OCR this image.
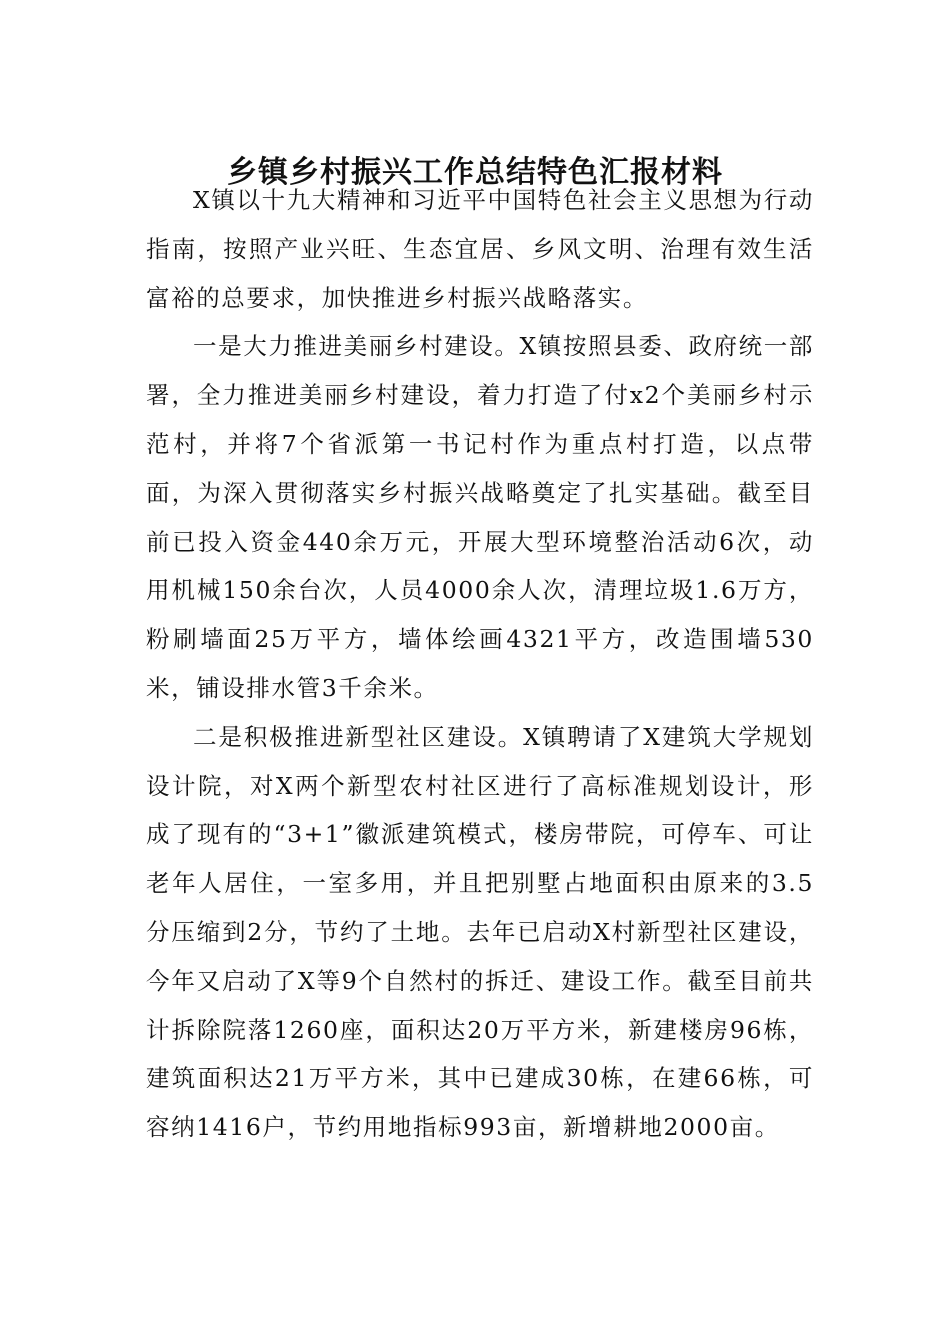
乡镇乡村振兴工作总结特色汇报材料

X镇以十九大精神和习近平中国特色社会主义思想为行动指南，按照产业兴旺、生态宜居、乡风文明、治理有效生活富裕的总要求，加快推进乡村振兴战略落实。

一是大力推进美丽乡村建设。X镇按照县委、政府统一部署，全力推进美丽乡村建设，着力打造了付x2个美丽乡村示范村，并将7个省派第一书记村作为重点村打造，以点带面，为深入贯彻落实乡村振兴战略奠定了扎实基础。截至目前已投入资金440余万元，开展大型环境整治活动6次，动用机械150余台次，人员4000余人次，清理垃圾1.6万方，粉刷墙面25万平方，墙体绘画4321平方，改造围墙530米，铺设排水管3千余米。

二是积极推进新型社区建设。X镇聘请了X建筑大学规划设计院，对X两个新型农村社区进行了高标准规划设计，形成了现有的“3+1”徽派建筑模式，楼房带院，可停车、可让老年人居住，一室多用，并且把别墅占地面积由原来的3.5分压缩到2分，节约了土地。去年已启动X村新型社区建设，今年又启动了X等9个自然村的拆迁、建设工作。截至目前共计拆除院落1260座，面积达20万平方米，新建楼房96栋，建筑面积达21万平方米，其中已建成30栋，在建66栋，可容纳1416户，节约用地指标993亩，新增耕地2000亩。
